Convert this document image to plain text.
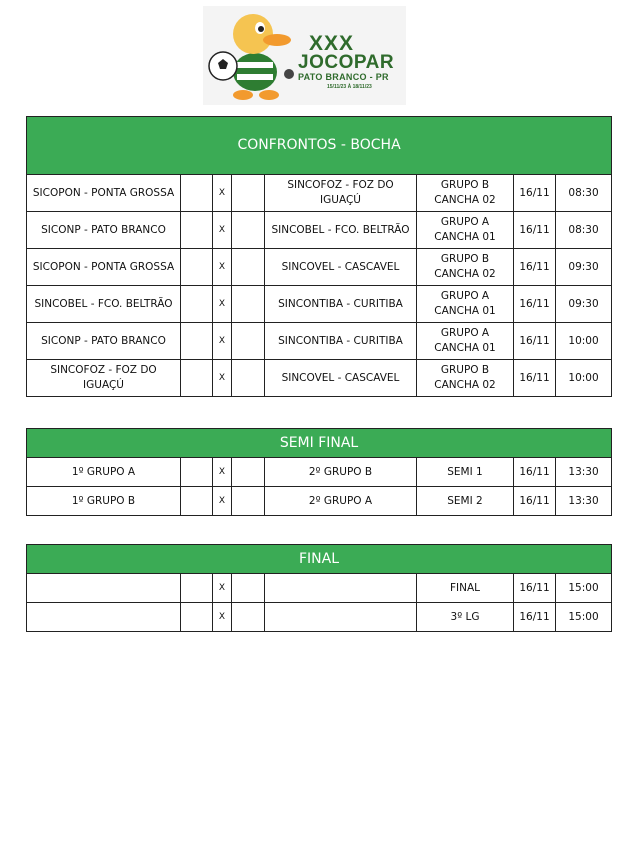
XXX
JOCOPAR
PATO BRANCO - PR
15/11/23 À 18/11/23
CONFRONTOS - BOCHA							
SICOPON - PONTA GROSSA		X		SINCOFOZ - FOZ DO IGUAÇÚ	GRUPO B CANCHA 02	16/11	08:30
SICONP - PATO BRANCO		X		SINCOBEL - FCO. BELTRÃO	GRUPO A CANCHA 01	16/11	08:30
SICOPON - PONTA GROSSA		X		SINCOVEL - CASCAVEL	GRUPO B CANCHA 02	16/11	09:30
SINCOBEL - FCO. BELTRÃO		X		SINCONTIBA - CURITIBA	GRUPO A CANCHA 01	16/11	09:30
SICONP - PATO BRANCO		X		SINCONTIBA - CURITIBA	GRUPO A CANCHA 01	16/11	10:00
SINCOFOZ - FOZ DO IGUAÇÚ		X		SINCOVEL - CASCAVEL	GRUPO B CANCHA 02	16/11	10:00
SEMI FINAL							
1º GRUPO A		X		2º GRUPO B	SEMI 1	16/11	13:30
1º GRUPO B		X		2º GRUPO A	SEMI 2	16/11	13:30
FINAL							
		X			FINAL	16/11	15:00
		X			3º LG	16/11	15:00
